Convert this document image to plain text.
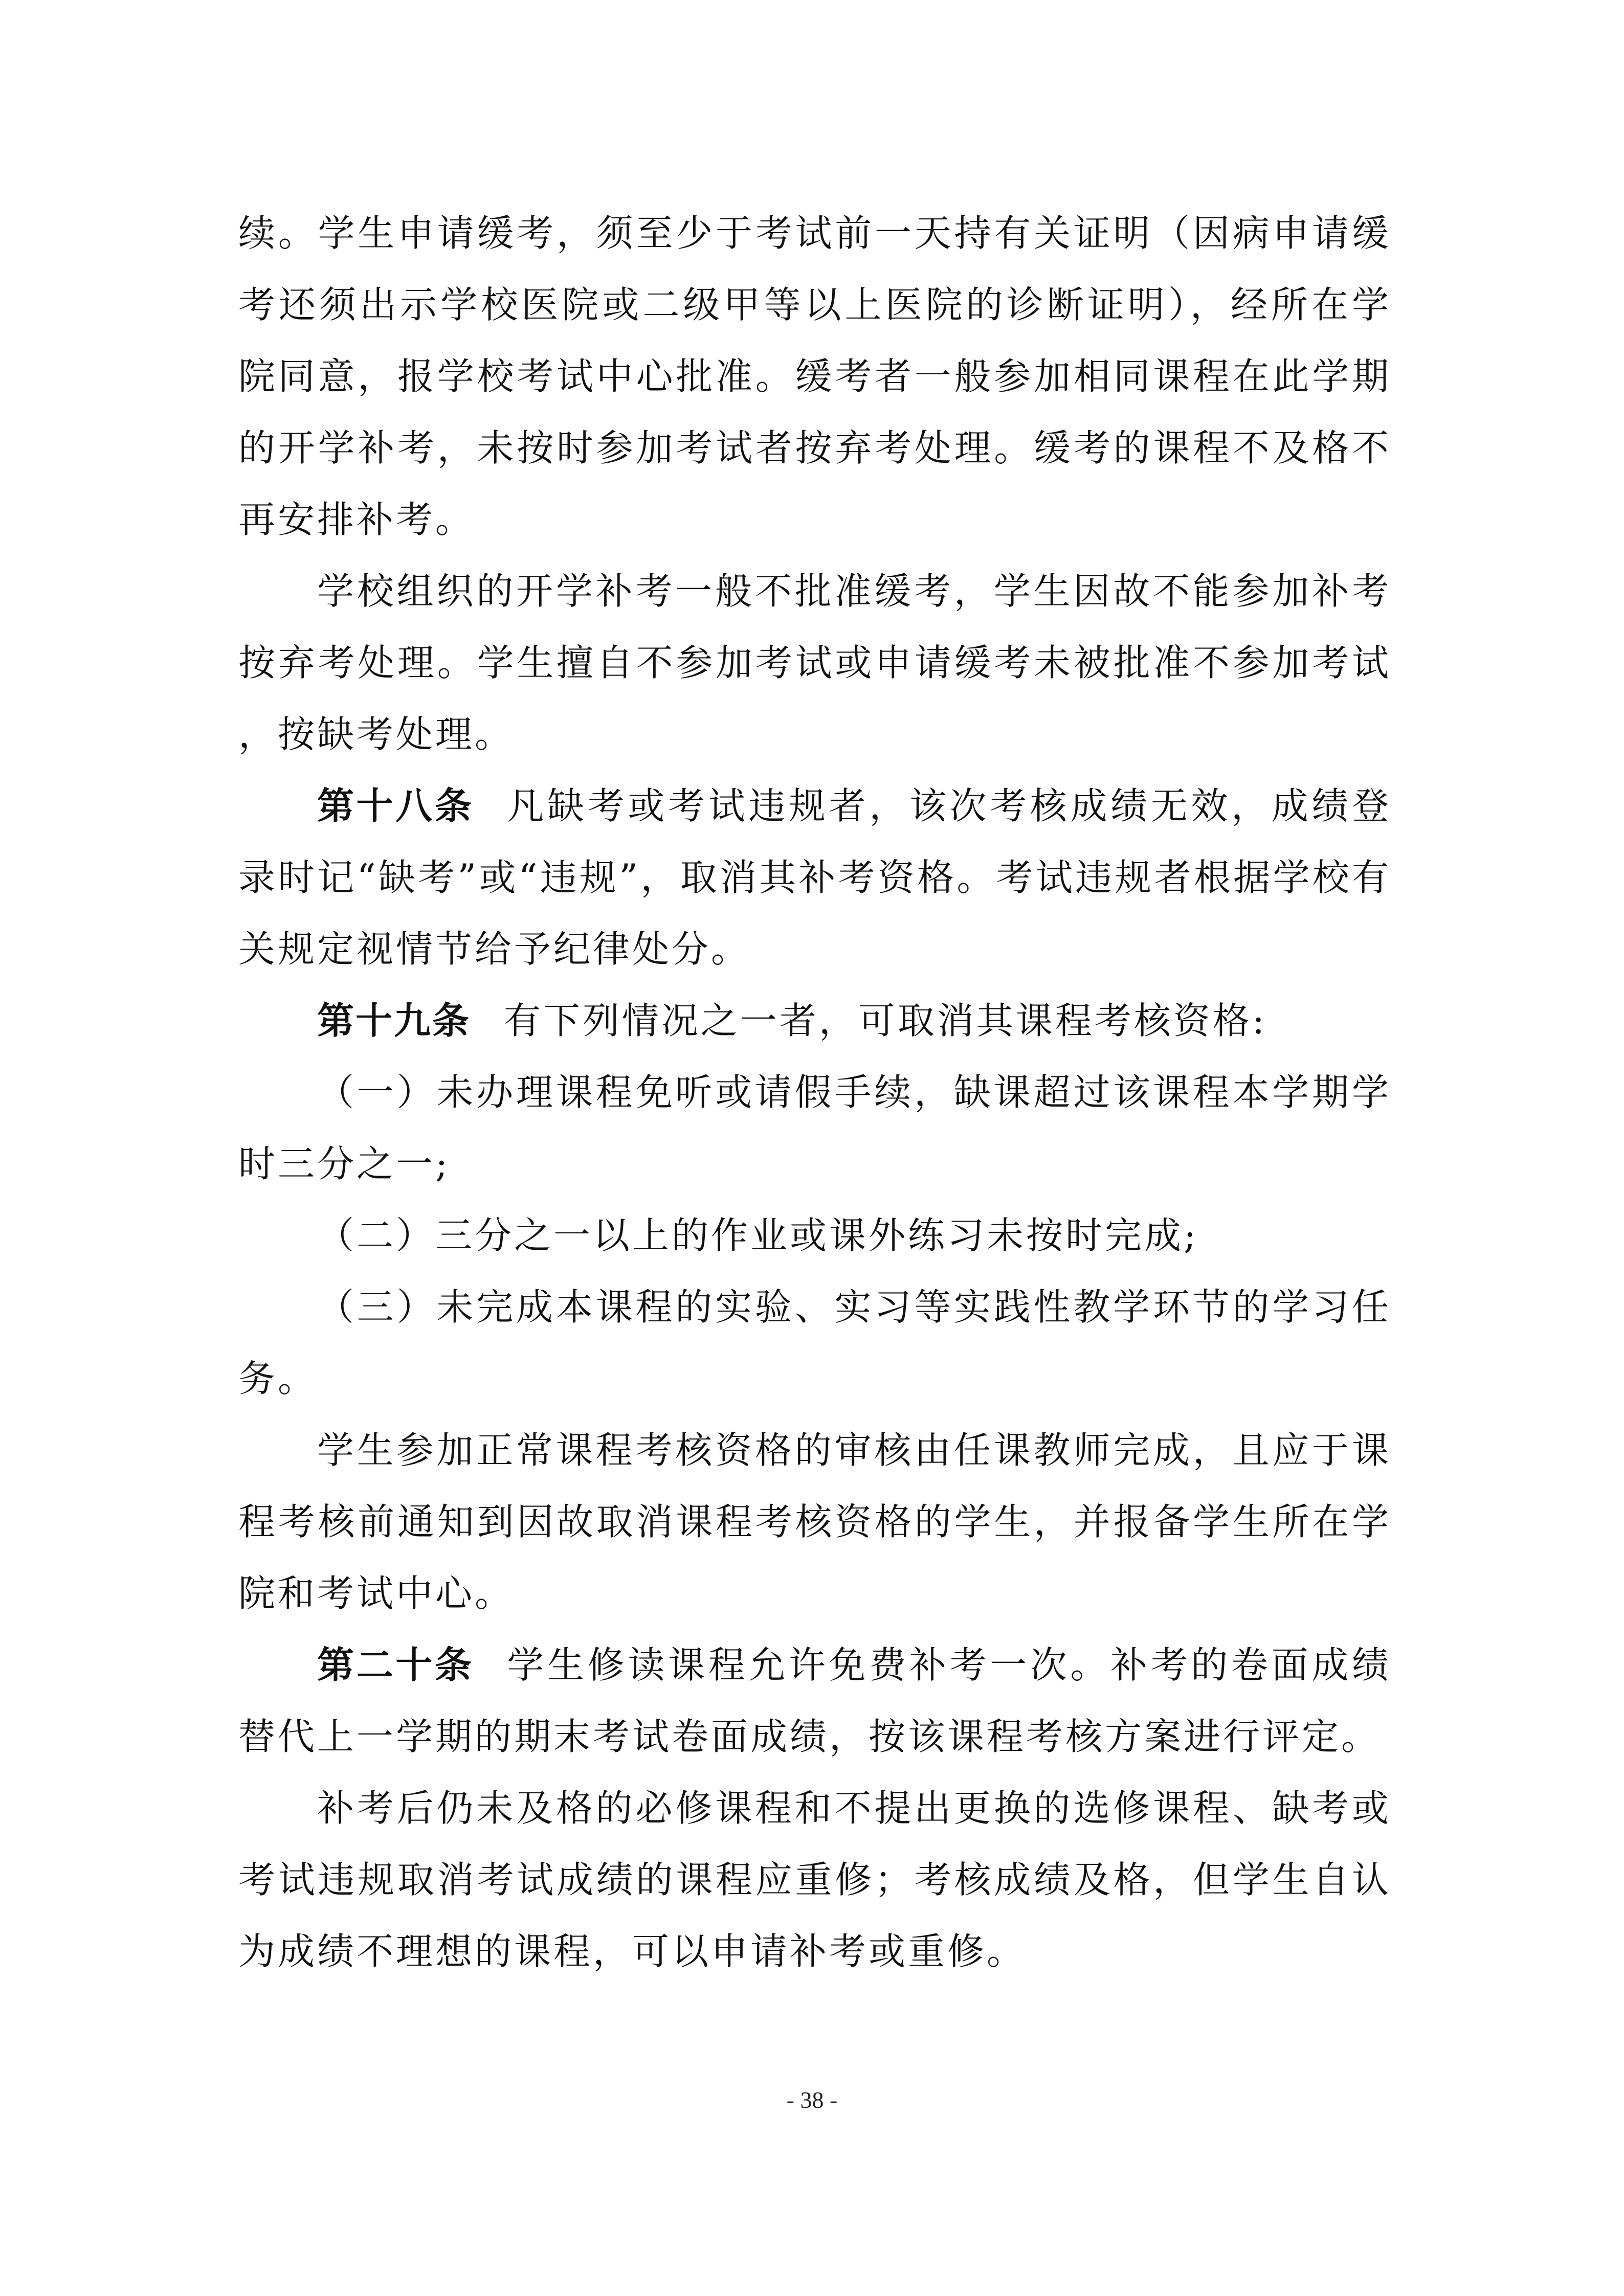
续。学生申请缓考，须至少于考试前一天持有关证明（因病申请缓考还须出示学校医院或二级甲等以上医院的诊断证明），经所在学院同意，报学校考试中心批准。缓考者一般参加相同课程在此学期的开学补考，未按时参加考试者按弃考处理。缓考的课程不及格不再安排补考。

学校组织的开学补考一般不批准缓考，学生因故不能参加补考按弃考处理。学生擅自不参加考试或申请缓考未被批准不参加考试，按缺考处理。

第十八条 凡缺考或考试违规者，该次考核成绩无效，成绩登录时记“缺考”或“违规”，取消其补考资格。考试违规者根据学校有关规定视情节给予纪律处分。

第十九条 有下列情况之一者，可取消其课程考核资格:

（一）未办理课程免听或请假手续，缺课超过该课程本学期学时三分之一;

（二）三分之一以上的作业或课外练习未按时完成;

（三）未完成本课程的实验、实习等实践性教学环节的学习任务。

学生参加正常课程考核资格的审核由任课教师完成，且应于课程考核前通知到因故取消课程考核资格的学生，并报备学生所在学院和考试中心。

第二十条 学生修读课程允许免费补考一次。补考的卷面成绩替代上一学期的期末考试卷面成绩，按该课程考核方案进行评定。

补考后仍未及格的必修课程和不提出更换的选修课程、缺考或考试违规取消考试成绩的课程应重修；考核成绩及格，但学生自认为成绩不理想的课程，可以申请补考或重修。

- 38 -
